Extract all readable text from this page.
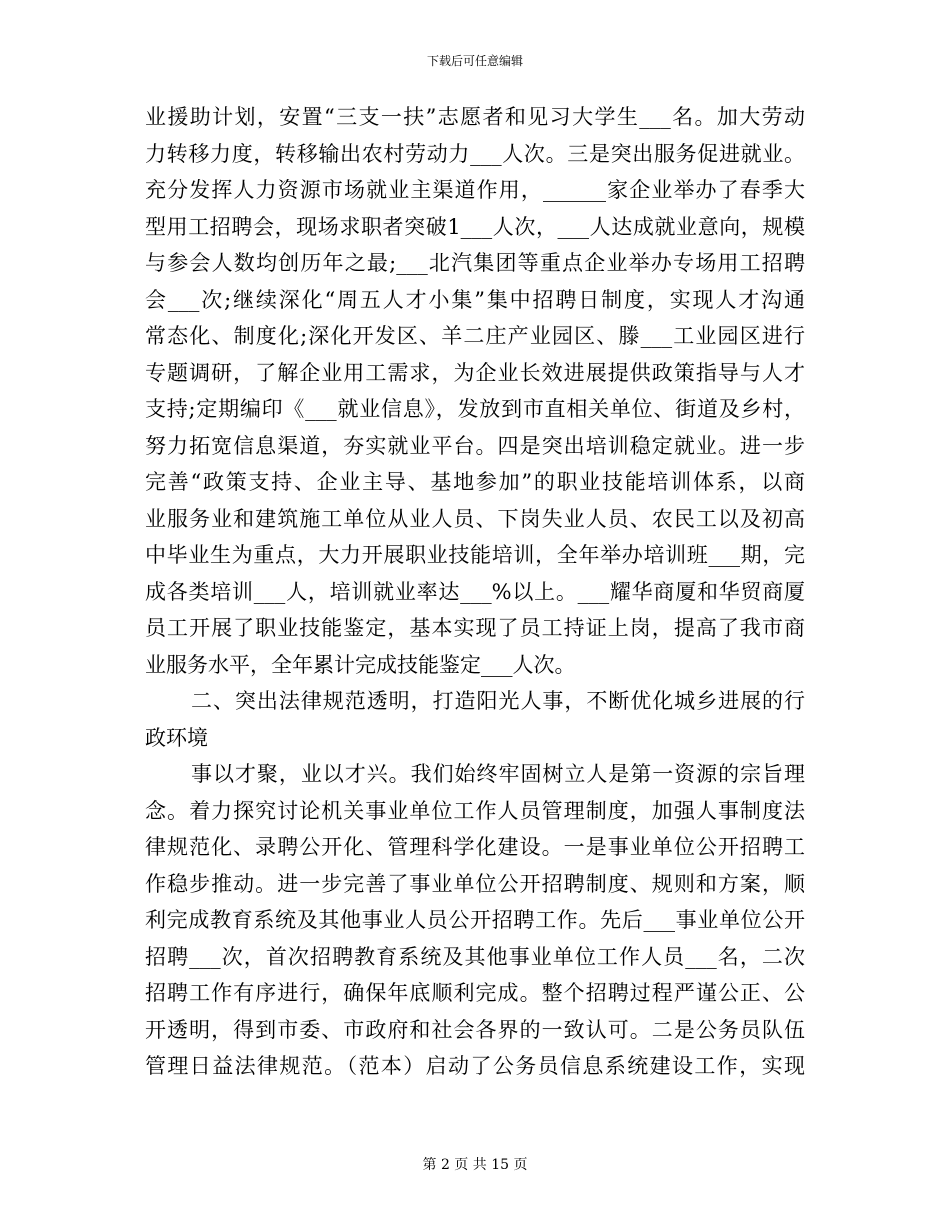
下载后可任意编辑
业援助计划，安置“三支一扶”志愿者和见习大学生___名。加大劳动
力转移力度，转移输出农村劳动力___人次。三是突出服务促进就业。
充分发挥人力资源市场就业主渠道作用，______家企业举办了春季大
型用工招聘会，现场求职者突破1___人次，___人达成就业意向，规模
与参会人数均创历年之最;___北汽集团等重点企业举办专场用工招聘
会___次;继续深化“周五人才小集”集中招聘日制度，实现人才沟通
常态化、制度化;深化开发区、羊二庄产业园区、滕___工业园区进行
专题调研，了解企业用工需求，为企业长效进展提供政策指导与人才
支持;定期编印《___就业信息》，发放到市直相关单位、街道及乡村，
努力拓宽信息渠道，夯实就业平台。四是突出培训稳定就业。进一步
完善“政策支持、企业主导、基地参加”的职业技能培训体系，以商
业服务业和建筑施工单位从业人员、下岗失业人员、农民工以及初高
中毕业生为重点，大力开展职业技能培训，全年举办培训班___期，完
成各类培训___人，培训就业率达___%以上。___耀华商厦和华贸商厦
员工开展了职业技能鉴定，基本实现了员工持证上岗，提高了我市商
业服务水平，全年累计完成技能鉴定___人次。
二、突出法律规范透明，打造阳光人事，不断优化城乡进展的行
政环境
事以才聚，业以才兴。我们始终牢固树立人是第一资源的宗旨理
念。着力探究讨论机关事业单位工作人员管理制度，加强人事制度法
律规范化、录聘公开化、管理科学化建设。一是事业单位公开招聘工
作稳步推动。进一步完善了事业单位公开招聘制度、规则和方案，顺
利完成教育系统及其他事业人员公开招聘工作。先后___事业单位公开
招聘___次，首次招聘教育系统及其他事业单位工作人员___名，二次
招聘工作有序进行，确保年底顺利完成。整个招聘过程严谨公正、公
开透明，得到市委、市政府和社会各界的一致认可。二是公务员队伍
管理日益法律规范。（范本）启动了公务员信息系统建设工作，实现
第 2 页 共 15 页
